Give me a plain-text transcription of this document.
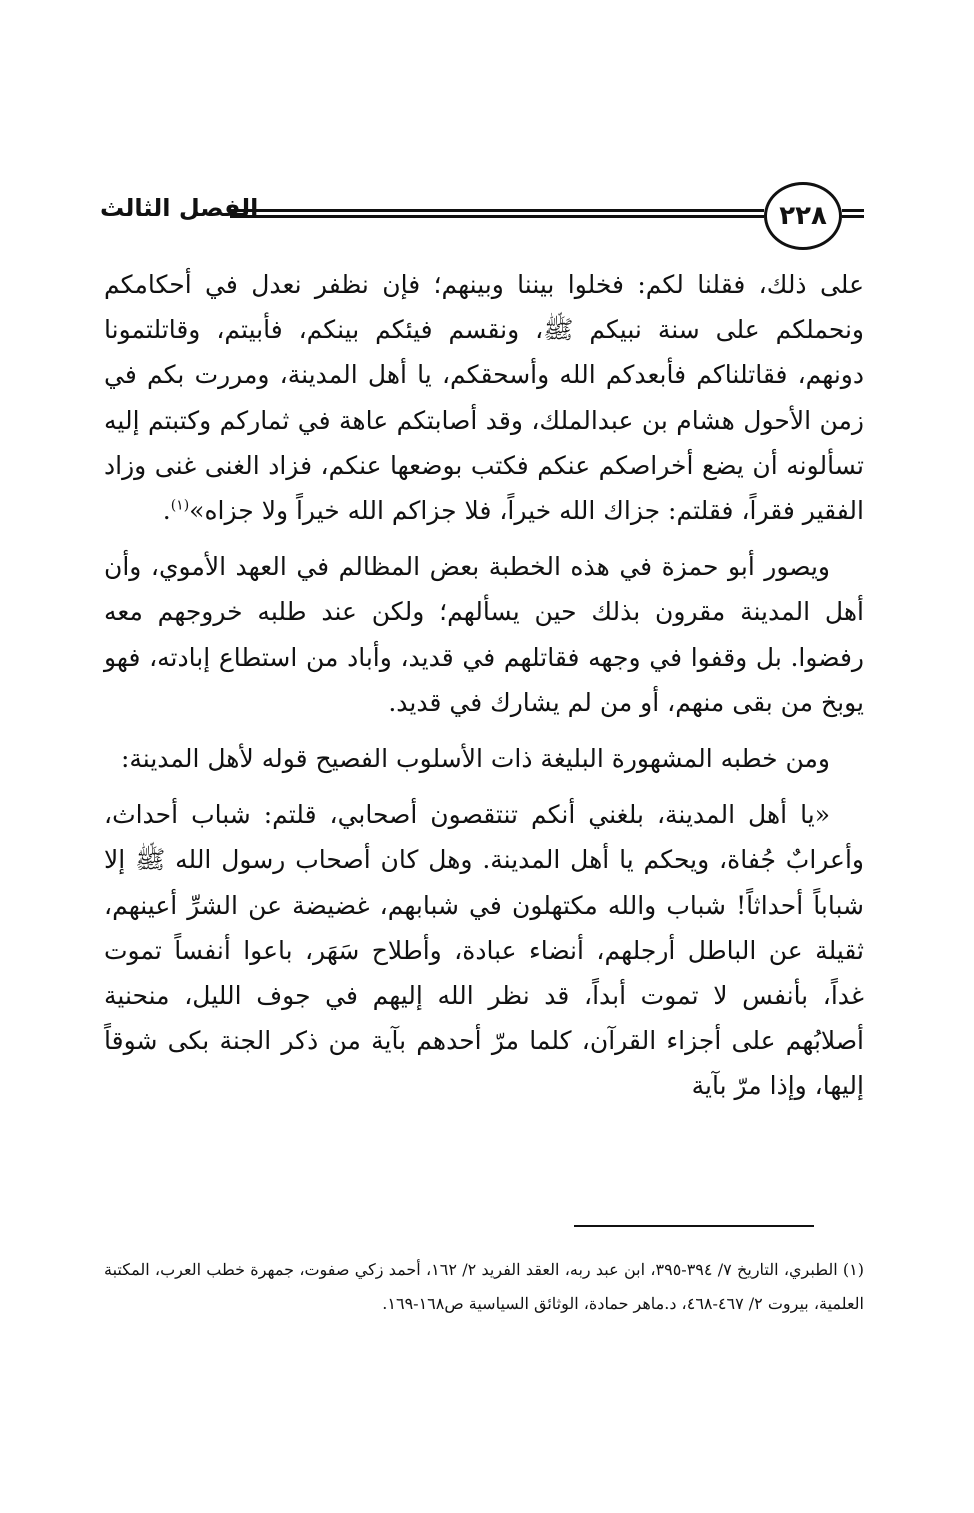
٢٢٨
الفصل الثالث

على ذلك، فقلنا لكم: فخلوا بيننا وبينهم؛ فإن نظفر نعدل في أحكامكم ونحملكم على سنة نبيكم ﷺ، ونقسم فيئكم بينكم، فأبيتم، وقاتلتمونا دونهم، فقاتلناكم فأبعدكم الله وأسحقكم، يا أهل المدينة، ومررت بكم في زمن الأحول هشام بن عبدالملك، وقد أصابتكم عاهة في ثماركم وكتبتم إليه تسألونه أن يضع أخراصكم عنكم فكتب بوضعها عنكم، فزاد الغنى غنى وزاد الفقير فقراً، فقلتم: جزاك الله خيراً، فلا جزاكم الله خيراً ولا جزاه»$^{(١)}$.

ويصور أبو حمزة في هذه الخطبة بعض المظالم في العهد الأموي، وأن أهل المدينة مقرون بذلك حين يسألهم؛ ولكن عند طلبه خروجهم معه رفضوا. بل وقفوا في وجهه فقاتلهم في قديد، وأباد من استطاع إبادته، فهو يوبخ من بقى منهم، أو من لم يشارك في قديد.

ومن خطبه المشهورة البليغة ذات الأسلوب الفصيح قوله لأهل المدينة:

«يا أهل المدينة، بلغني أنكم تنتقصون أصحابي، قلتم: شباب أحداث، وأعرابٌ جُفاة، ويحكم يا أهل المدينة. وهل كان أصحاب رسول الله ﷺ إلا شباباً أحداثاً! شباب والله مكتهلون في شبابهم، غضيضة عن الشرِّ أعينهم، ثقيلة عن الباطل أرجلهم، أنضاء عبادة، وأطلاح سَهَر، باعوا أنفساً تموت غداً، بأنفس لا تموت أبداً، قد نظر الله إليهم في جوف الليل، منحنية أصلابُهم على أجزاء القرآن، كلما مرّ أحدهم بآية من ذكر الجنة بكى شوقاً إليها، وإذا مرّ بآية

(١) الطبري، التاريخ ٧/ ٣٩٤-٣٩٥، ابن عبد ربه، العقد الفريد ٢/ ١٦٢، أحمد زكي صفوت، جمهرة خطب العرب، المكتبة العلمية، بيروت ٢/ ٤٦٧-٤٦٨، د.ماهر حمادة، الوثائق السياسية ص١٦٨-١٦٩.
